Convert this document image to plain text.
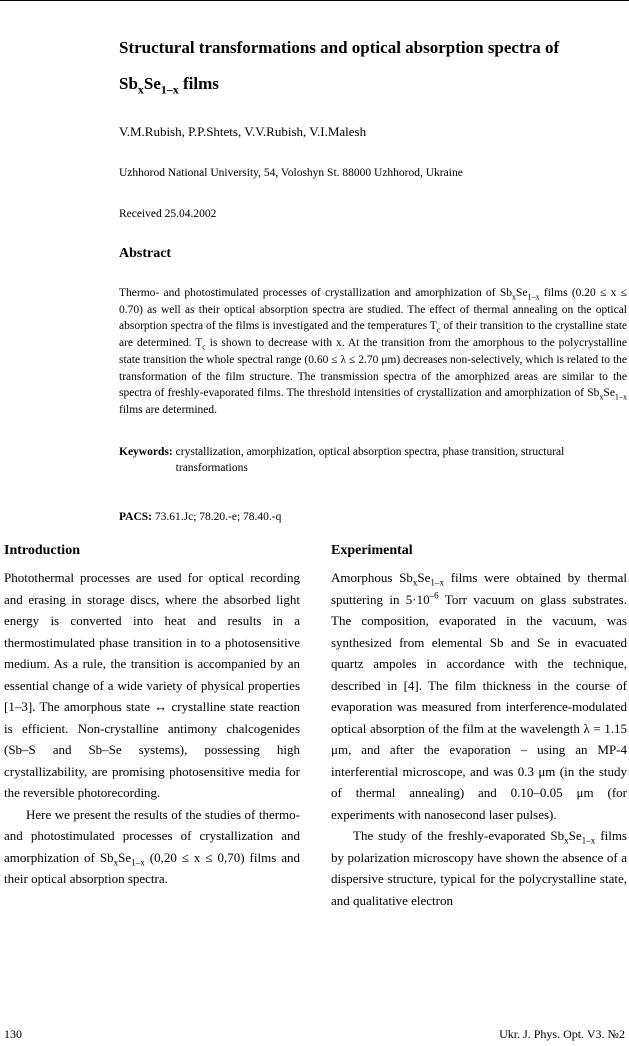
Structural transformations and optical absorption spectra of
$Sb_xSe_{1-x}$ films
V.M.Rubish, P.P.Shtets, V.V.Rubish, V.I.Malesh
Uzhhorod National University, 54, Voloshyn St. 88000 Uzhhorod, Ukraine
Received 25.04.2002
Abstract
Thermo- and photostimulated processes of crystallization and amorphization of $Sb_xSe_{1-x}$ films (0.20 ≤ x ≤ 0.70) as well as their optical absorption spectra are studied. The effect of thermal annealing on the optical absorption spectra of the films is investigated and the temperatures $T_c$ of their transition to the crystalline state are determined. $T_c$ is shown to decrease with x. At the transition from the amorphous to the polycrystalline state transition the whole spectral range (0.60 ≤ λ ≤ 2.70 μm) decreases non-selectively, which is related to the transformation of the film structure. The transmission spectra of the amorphized areas are similar to the spectra of freshly-evaporated films. The threshold intensities of crystallization and amorphization of $Sb_xSe_{1-x}$ films are determined.
Keywords: crystallization, amorphization, optical absorption spectra, phase transition, structural transformations
PACS: 73.61.Jc; 78.20.-e; 78.40.-q
Introduction

Photothermal processes are used for optical recording and erasing in storage discs, where the absorbed light energy is converted into heat and results in a thermostimulated phase transition in to a photosensitive medium. As a rule, the transition is accompanied by an essential change of a wide variety of physical properties [1–3]. The amorphous state ↔ crystalline state reaction is efficient. Non-crystalline antimony chalcogenides (Sb–S and Sb–Se systems), possessing high crystallizability, are promising photosensitive media for the reversible photorecording.

Here we present the results of the studies of thermo- and photostimulated processes of crystallization and amorphization of $Sb_xSe_{1-x}$ (0,20 ≤ x ≤ 0,70) films and their optical absorption spectra.

Experimental

Amorphous $Sb_xSe_{1-x}$ films were obtained by thermal sputtering in $5\cdot 10^{-6}$ Torr vacuum on glass substrates. The composition, evaporated in the vacuum, was synthesized from elemental Sb and Se in evacuated quartz ampoles in accordance with the technique, described in [4]. The film thickness in the course of evaporation was measured from interference-modulated optical absorption of the film at the wavelength λ = 1.15 μm, and after the evaporation – using an MP-4 interferential microscope, and was 0.3 μm (in the study of thermal annealing) and 0.10–0.05 μm (for experiments with nanosecond laser pulses).

The study of the freshly-evaporated $Sb_xSe_{1-x}$ films by polarization microscopy have shown the absence of a dispersive structure, typical for the polycrystalline state, and qualitative electron

130	Ukr. J. Phys. Opt. V3. №2
